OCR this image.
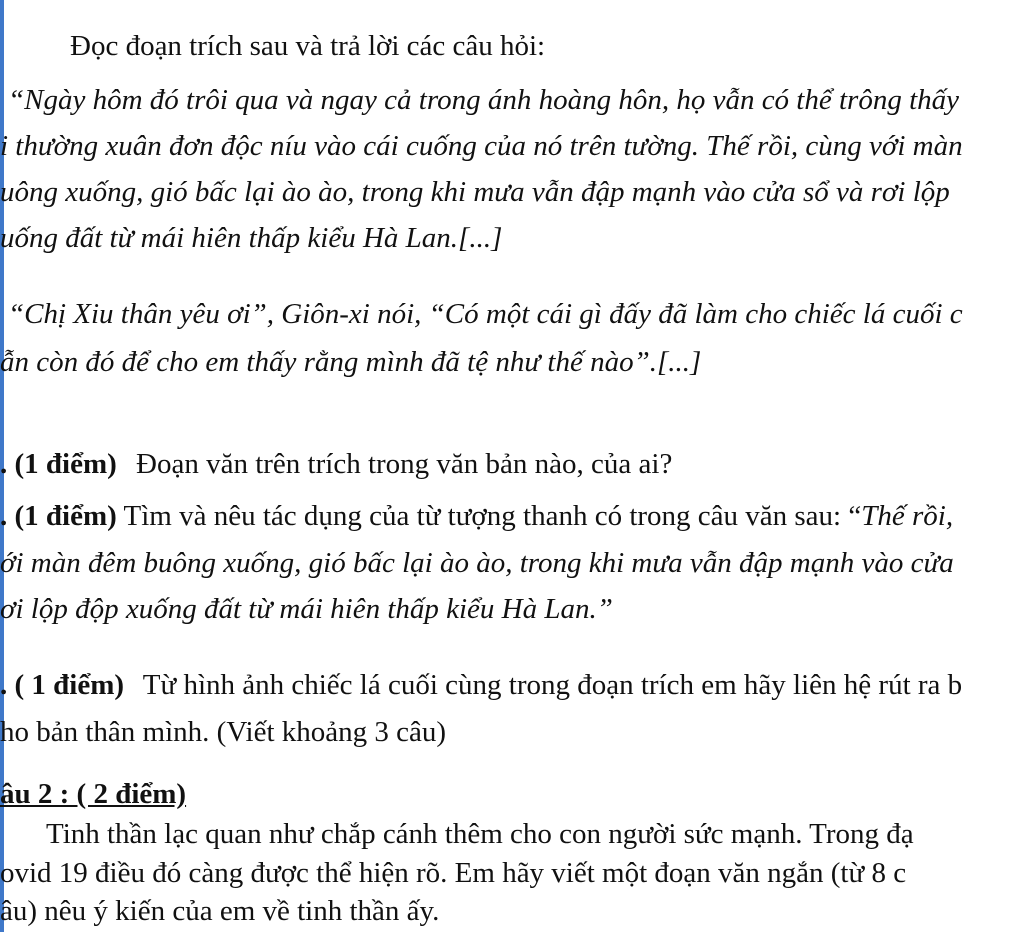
Đọc đoạn trích sau và trả lời các câu hỏi:
“Ngày hôm đó trôi qua và ngay cả trong ánh hoàng hôn, họ vẫn có thể trông thấy
i thường xuân đơn độc níu vào cái cuống của nó trên tường. Thế rồi, cùng với màn
uông xuống, gió bấc lại ào ào, trong khi mưa vẫn đập mạnh vào cửa sổ và rơi lộp
uống đất từ mái hiên thấp kiểu Hà Lan.[...]
“Chị Xiu thân yêu ơi”, Giôn-xi nói, “Có một cái gì đấy đã làm cho chiếc lá cuối c
ẫn còn đó để cho em thấy rằng mình đã tệ như thế nào”.[...]
. (1 điểm) Đoạn văn trên trích trong văn bản nào, của ai?
. (1 điểm) Tìm và nêu tác dụng của từ tượng thanh có trong câu văn sau: “Thế rồi,
ới màn đêm buông xuống, gió bấc lại ào ào, trong khi mưa vẫn đập mạnh vào cửa
ơi lộp độp xuống đất từ mái hiên thấp kiểu Hà Lan.”
. ( 1 điểm) Từ hình ảnh chiếc lá cuối cùng trong đoạn trích em hãy liên hệ rút ra b
ho bản thân mình. (Viết khoảng 3 câu)
âu 2 : ( 2 điểm)
Tinh thần lạc quan như chắp cánh thêm cho con người sức mạnh. Trong đạ
ovid 19 điều đó càng được thể hiện rõ. Em hãy viết một đoạn văn ngắn (từ 8 c
âu) nêu ý kiến của em về tinh thần ấy.
